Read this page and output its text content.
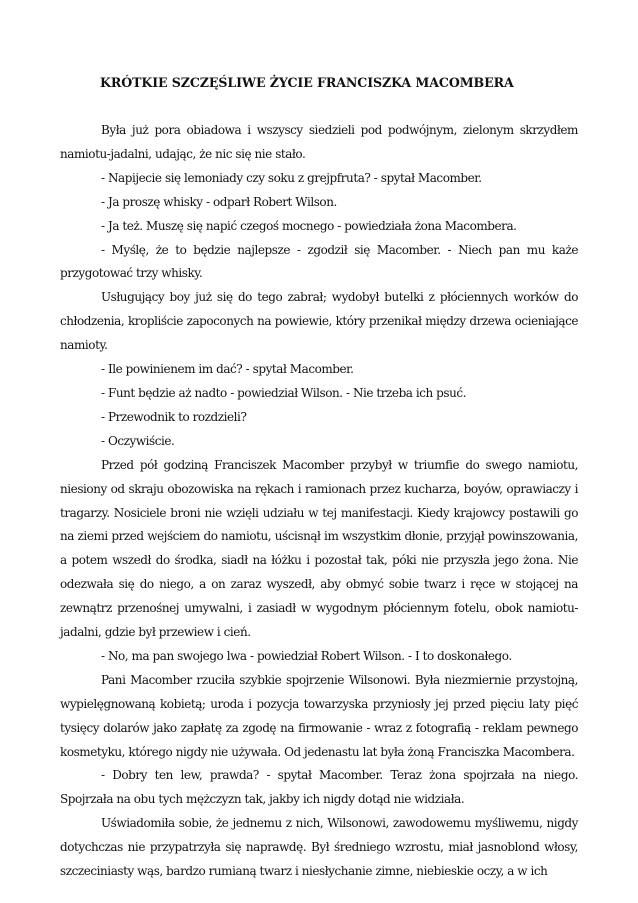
KRÓTKIE SZCZĘŚLIWE ŻYCIE FRANCISZKA MACOMBERA

Była już pora obiadowa i wszyscy siedzieli pod podwójnym, zielonym skrzydłem namiotu-jadalni, udając, że nic się nie stało.

- Napijecie się lemoniady czy soku z grejpfruta? - spytał Macomber.

- Ja proszę whisky - odparł Robert Wilson.

- Ja też. Muszę się napić czegoś mocnego - powiedziała żona Macombera.

- Myślę, że to będzie najlepsze - zgodził się Macomber. - Niech pan mu każe przygotować trzy whisky.

Usługujący boy już się do tego zabrał; wydobył butelki z płóciennych worków do chłodzenia, kropliście zapoconych na powiewie, który przenikał między drzewa ocieniające namioty.

- Ile powinienem im dać? - spytał Macomber.

- Funt będzie aż nadto - powiedział Wilson. - Nie trzeba ich psuć.

- Przewodnik to rozdzieli?

- Oczywiście.

Przed pół godziną Franciszek Macomber przybył w triumfie do swego namiotu, niesiony od skraju obozowiska na rękach i ramionach przez kucharza, boyów, oprawiaczy i tragarzy. Nosiciele broni nie wzięli udziału w tej manifestacji. Kiedy krajowcy postawili go na ziemi przed wejściem do namiotu, uścisnął im wszystkim dłonie, przyjął powinszowania, a potem wszedł do środka, siadł na łóżku i pozostał tak, póki nie przyszła jego żona. Nie odezwała się do niego, a on zaraz wyszedł, aby obmyć sobie twarz i ręce w stojącej na zewnątrz przenośnej umywalni, i zasiadł w wygodnym płóciennym fotelu, obok namiotu-jadalni, gdzie był przewiew i cień.

- No, ma pan swojego lwa - powiedział Robert Wilson. - I to doskonałego.

Pani Macomber rzuciła szybkie spojrzenie Wilsonowi. Była niezmiernie przystojną, wypielęgnowaną kobietą; uroda i pozycja towarzyska przyniosły jej przed pięciu laty pięć tysięcy dolarów jako zapłatę za zgodę na firmowanie - wraz z fotografią - reklam pewnego kosmetyku, którego nigdy nie używała. Od jedenastu lat była żoną Franciszka Macombera.

- Dobry ten lew, prawda? - spytał Macomber. Teraz żona spojrzała na niego. Spojrzała na obu tych mężczyzn tak, jakby ich nigdy dotąd nie widziała.

Uświadomiła sobie, że jednemu z nich, Wilsonowi, zawodowemu myśliwemu, nigdy dotychczas nie przypatrzyła się naprawdę. Był średniego wzrostu, miał jasnoblond włosy, szczeciniasty wąs, bardzo rumianą twarz i niesłychanie zimne, niebieskie oczy, a w ich
